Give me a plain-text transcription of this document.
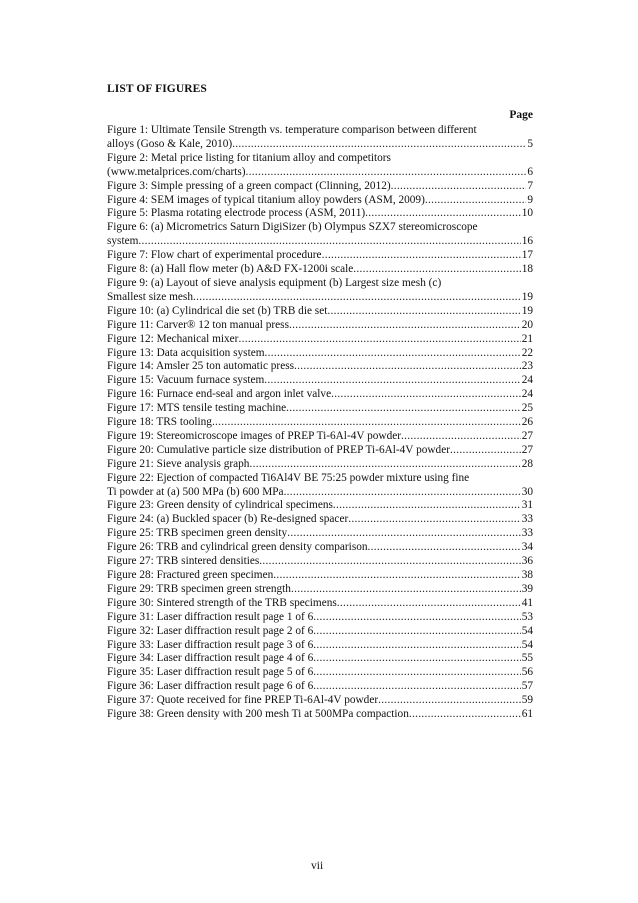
LIST OF FIGURES
Page
Figure 1: Ultimate Tensile Strength vs. temperature comparison between different
alloys (Goso & Kale, 2010) .....	5
Figure 2: Metal price listing for titanium alloy and competitors
(www.metalprices.com/charts) .....	6
Figure 3: Simple pressing of a green compact (Clinning, 2012) .....	7
Figure 4: SEM images of typical titanium alloy powders (ASM, 2009) .....	9
Figure 5: Plasma rotating electrode process (ASM, 2011) .....	10
Figure 6: (a) Micrometrics Saturn DigiSizer (b) Olympus SZX7 stereomicroscope
system .....	16
Figure 7: Flow chart of experimental procedure .....	17
Figure 8: (a) Hall flow meter (b) A&D FX-1200i scale .....	18
Figure 9: (a) Layout of sieve analysis equipment (b) Largest size mesh (c)
Smallest size mesh .....	19
Figure 10: (a) Cylindrical die set (b) TRB die set .....	19
Figure 11: Carver® 12 ton manual press .....	20
Figure 12: Mechanical mixer .....	21
Figure 13: Data acquisition system .....	22
Figure 14: Amsler 25 ton automatic press .....	23
Figure 15: Vacuum furnace system .....	24
Figure 16: Furnace end-seal and argon inlet valve .....	24
Figure 17: MTS tensile testing machine .....	25
Figure 18: TRS tooling .....	26
Figure 19: Stereomicroscope images of PREP Ti-6Al-4V powder .....	27
Figure 20: Cumulative particle size distribution of PREP Ti-6Al-4V powder .....	27
Figure 21: Sieve analysis graph .....	28
Figure 22: Ejection of compacted Ti6Al4V BE 75:25 powder mixture using fine
Ti powder at (a) 500 MPa (b) 600 MPa .....	30
Figure 23: Green density of cylindrical specimens .....	31
Figure 24: (a) Buckled spacer (b) Re-designed spacer .....	33
Figure 25: TRB specimen green density .....	33
Figure 26: TRB and cylindrical green density comparison .....	34
Figure 27: TRB sintered densities .....	36
Figure 28: Fractured green specimen .....	38
Figure 29: TRB specimen green strength .....	39
Figure 30: Sintered strength of the TRB specimens .....	41
Figure 31: Laser diffraction result page 1 of 6 .....	53
Figure 32: Laser diffraction result page 2 of 6 .....	54
Figure 33: Laser diffraction result page 3 of 6 .....	54
Figure 34: Laser diffraction result page 4 of 6 .....	55
Figure 35: Laser diffraction result page 5 of 6 .....	56
Figure 36: Laser diffraction result page 6 of 6 .....	57
Figure 37: Quote received for fine PREP Ti-6Al-4V powder .....	59
Figure 38: Green density with 200 mesh Ti at 500MPa compaction .....	61
vii
